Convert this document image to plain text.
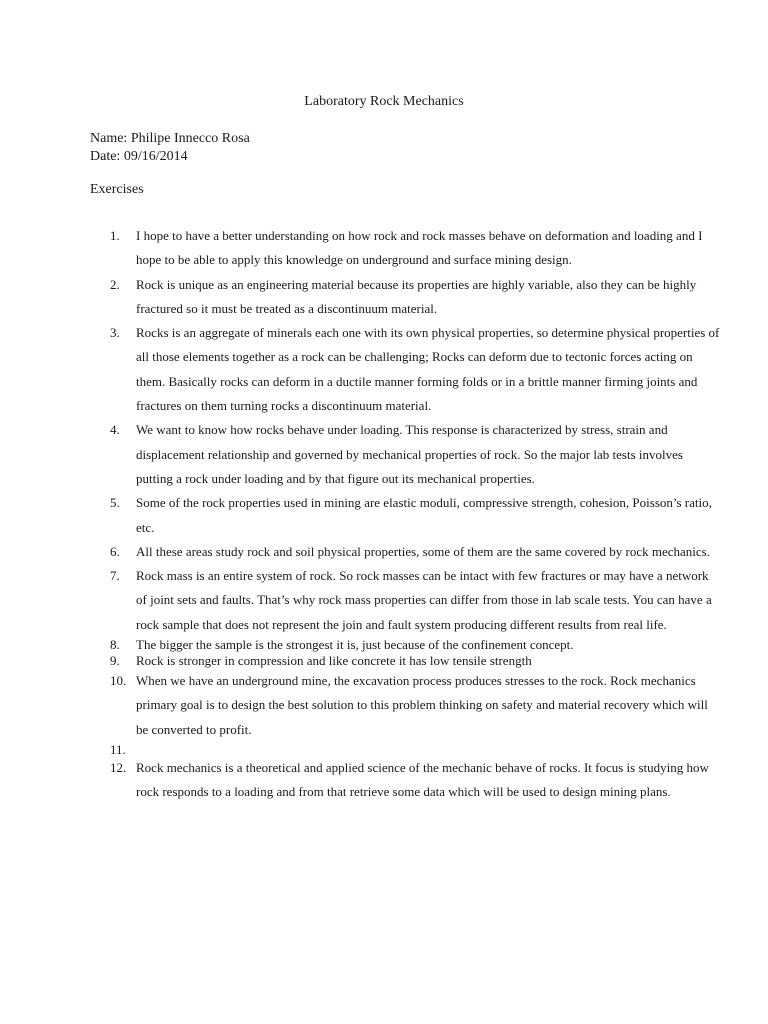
Laboratory Rock Mechanics
Name: Philipe Innecco Rosa
Date: 09/16/2014
Exercises
1.	I hope to have a better understanding on how rock and rock masses behave on deformation and loading and I hope to be able to apply this knowledge on underground and surface mining design.
2.	Rock is unique as an engineering material because its properties are highly variable, also they can be highly fractured so it must be treated as a discontinuum material.
3.	Rocks is an aggregate of minerals each one with its own physical properties, so determine physical properties of all those elements together as a rock can be challenging; Rocks can deform due to tectonic forces acting on them. Basically rocks can deform in a ductile manner forming folds or in a brittle manner firming joints and fractures on them turning rocks a discontinuum material.
4.	We want to know how rocks behave under loading. This response is characterized by stress, strain and displacement relationship and governed by mechanical properties of rock. So the major lab tests involves putting a rock under loading and by that figure out its mechanical properties.
5.	Some of the rock properties used in mining are elastic moduli, compressive strength, cohesion, Poisson’s ratio, etc.
6.	All these areas study rock and soil physical properties, some of them are the same covered by rock mechanics.
7.	Rock mass is an entire system of rock. So rock masses can be intact with few fractures or may have a network of joint sets and faults. That’s why rock mass properties can differ from those in lab scale tests. You can have a rock sample that does not represent the join and fault system producing different results from real life.
8.	The bigger the sample is the strongest it is, just because of the confinement concept.
9.	Rock is stronger in compression and like concrete it has low tensile strength
10. When we have an underground mine, the excavation process produces stresses to the rock. Rock mechanics primary goal is to design the best solution to this problem thinking on safety and material recovery which will be converted to profit.
11.
12. Rock mechanics is a theoretical and applied science of the mechanic behave of rocks. It focus is studying how rock responds to a loading and from that retrieve some data which will be used to design mining plans.
